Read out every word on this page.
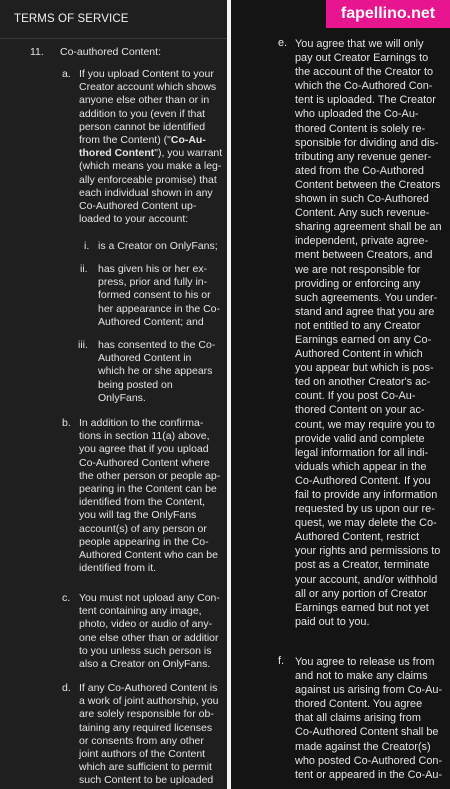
TERMS OF SERVICE
11.	Co-authored Content:
a. If you upload Content to your
Creator account which shows
anyone else other than or in
addition to you (even if that
person cannot be identified
from the Content) ("Co-Au-
thored Content"), you warrant
(which means you make a leg-
ally enforceable promise) that
each individual shown in any
Co-Authored Content up-
loaded to your account:
i. is a Creator on OnlyFans;
ii. has given his or her ex-
press, prior and fully in-
formed consent to his or
her appearance in the Co-
Authored Content; and
iii. has consented to the Co-
Authored Content in
which he or she appears
being posted on
OnlyFans.
b. In addition to the confirma-
tions in section 11(a) above,
you agree that if you upload
Co-Authored Content where
the other person or people ap-
pearing in the Content can be
identified from the Content,
you will tag the OnlyFans
account(s) of any person or
people appearing in the Co-
Authored Content who can be
identified from it.
c. You must not upload any Con-
tent containing any image,
photo, video or audio of any-
one else other than or additior
to you unless such person is
also a Creator on OnlyFans.
d. If any Co-Authored Content is
a work of joint authorship, you
are solely responsible for ob-
taining any required licenses
or consents from any other
joint authors of the Content
which are sufficient to permit
such Content to be uploaded
e. You agree that we will only
pay out Creator Earnings to
the account of the Creator to
which the Co-Authored Con-
tent is uploaded. The Creator
who uploaded the Co-Au-
thored Content is solely re-
sponsible for dividing and dis-
tributing any revenue gener-
ated from the Co-Authored
Content between the Creators
shown in such Co-Authored
Content. Any such revenue-
sharing agreement shall be an
independent, private agree-
ment between Creators, and
we are not responsible for
providing or enforcing any
such agreements. You under-
stand and agree that you are
not entitled to any Creator
Earnings earned on any Co-
Authored Content in which
you appear but which is pos-
ted on another Creator's ac-
count. If you post Co-Au-
thored Content on your ac-
count, we may require you to
provide valid and complete
legal information for all indi-
viduals which appear in the
Co-Authored Content. If you
fail to provide any information
requested by us upon our re-
quest, we may delete the Co-
Authored Content, restrict
your rights and permissions to
post as a Creator, terminate
your account, and/or withhold
all or any portion of Creator
Earnings earned but not yet
paid out to you.
f. You agree to release us from
and not to make any claims
against us arising from Co-Au-
thored Content. You agree
that all claims arising from
Co-Authored Content shall be
made against the Creator(s)
who posted Co-Authored Con-
tent or appeared in the Co-Au-
fapellino.net
